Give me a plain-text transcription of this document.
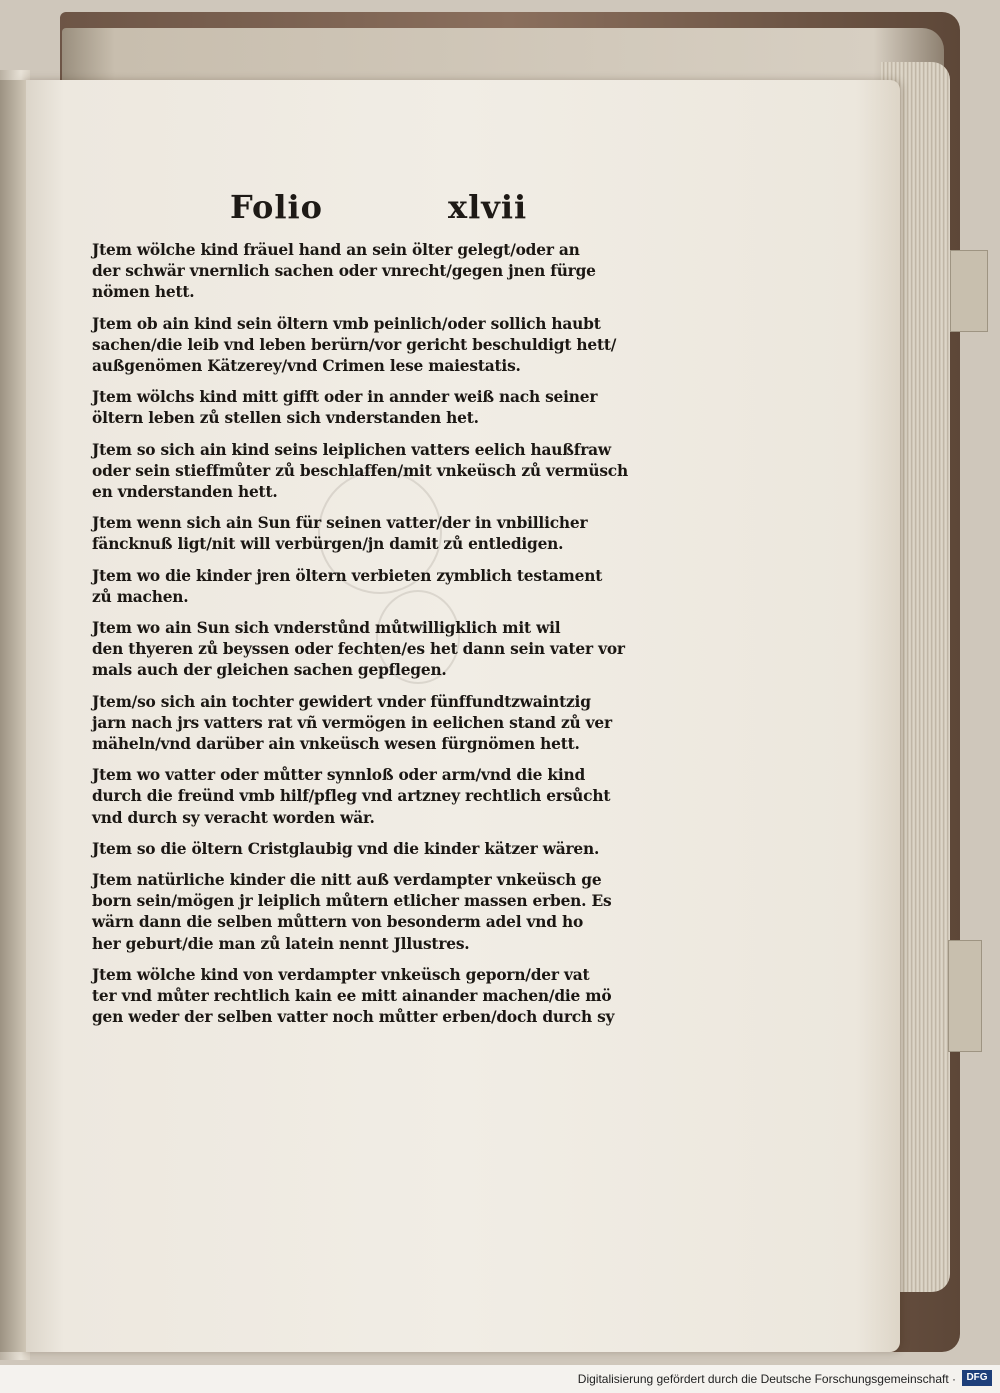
Folio	xlvii
Jtem wölche kind fräuel hand an sein ölter gelegt/oder an
der schwär vnernlich sachen oder vnrecht/gegen jnen fürge
nömen hett.
Jtem ob ain kind sein öltern vmb peinlich/oder sollich haubt
sachen/die leib vnd leben berürn/vor gericht beschuldigt hett/
außgenömen Kätzerey/vnd Crimen lese maiestatis.
Jtem wölchs kind mitt gifft oder in annder weiß nach seiner
öltern leben zů stellen sich vnderstanden het.
Jtem so sich ain kind seins leiplichen vatters eelich haußfraw
oder sein stieffmůter zů beschlaffen/mit vnkeüsch zů vermüsch
en vnderstanden hett.
Jtem wenn sich ain Sun für seinen vatter/der in vnbillicher
fäncknuß ligt/nit will verbürgen/jn damit zů entledigen.
Jtem wo die kinder jren öltern verbieten zymblich testament
zů machen.
Jtem wo ain Sun sich vnderstůnd můtwilligklich mit wil
den thyeren zů beyssen oder fechten/es het dann sein vater vor
mals auch der gleichen sachen gepflegen.
Jtem/so sich ain tochter gewidert vnder fünffundtzwaintzig
jarn nach jrs vatters rat vñ vermögen in eelichen stand zů ver
mäheln/vnd darüber ain vnkeüsch wesen fürgnömen hett.
Jtem wo vatter oder můtter synnloß oder arm/vnd die kind
durch die freünd vmb hilf/pfleg vnd artzney rechtlich ersůcht
vnd durch sy veracht worden wär.
Jtem so die öltern Cristglaubig vnd die kinder kätzer wären.
Jtem natürliche kinder die nitt auß verdampter vnkeüsch ge
born sein/mögen jr leiplich můtern etlicher massen erben. Es
wärn dann die selben můttern von besonderm adel vnd ho
her geburt/die man zů latein nennt Jllustres.
Jtem wölche kind von verdampter vnkeüsch geporn/der vat
ter vnd můter rechtlich kain ee mitt ainander machen/die mö
gen weder der selben vatter noch můtter erben/doch durch sy
Digitalisierung gefördert durch die Deutsche Forschungsgemeinschaft ·	DFG
